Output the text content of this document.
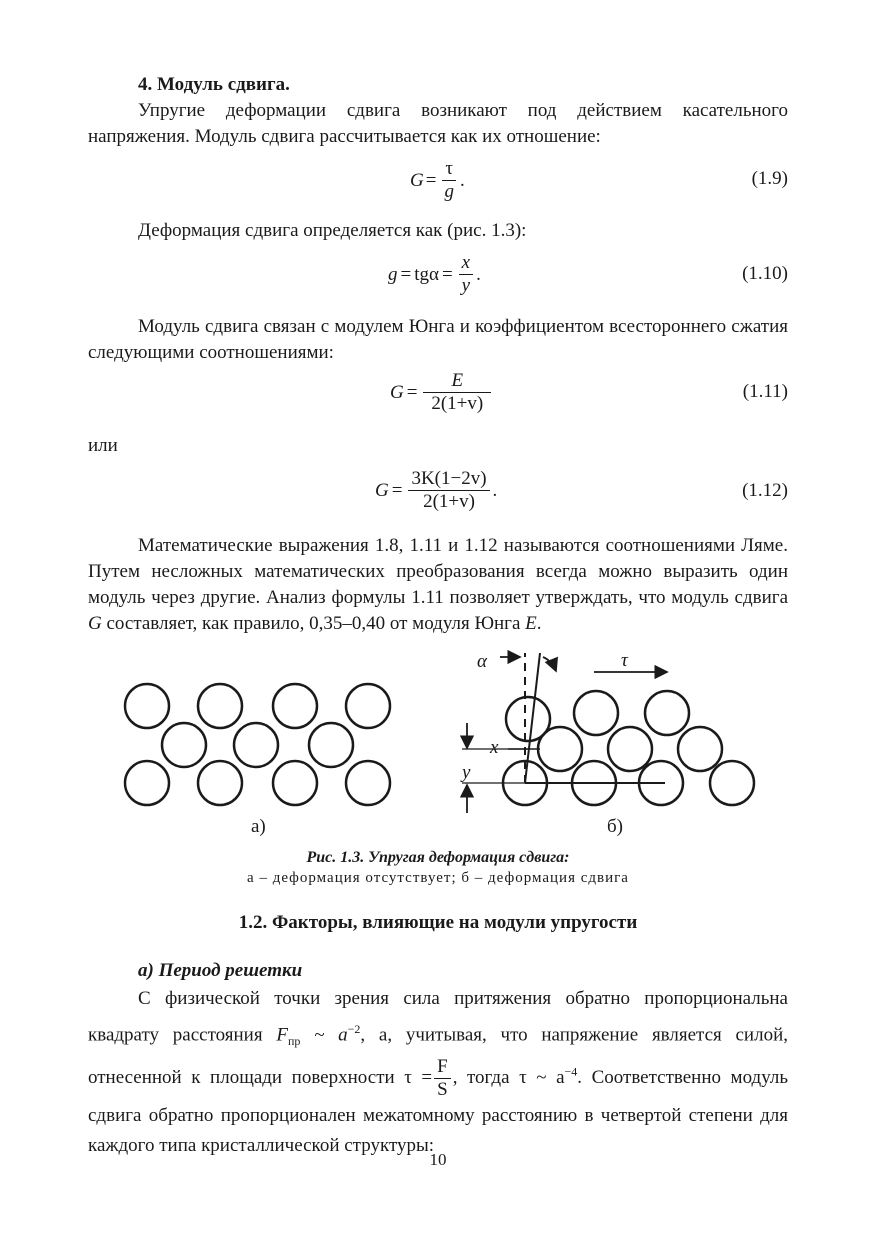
4. Модуль сдвига.

Упругие деформации сдвига возникают под действием касательного напряжения. Модуль сдвига рассчитывается как их отношение:

$G = \frac{\tau}{g}$ .	(1.9)

Деформация сдвига определяется как (рис. 1.3):

$g = tg\alpha = \frac{x}{y}$ .	(1.10)

Модуль сдвига связан с модулем Юнга и коэффициентом всестороннего сжатия следующими соотношениями:

$G = \frac{E}{2(1+v)}$	(1.11)

или

$G = \frac{3K(1-2v)}{2(1+v)}$ .	(1.12)

Математические выражения 1.8, 1.11 и 1.12 называются соотношениями Ляме. Путем несложных математических преобразования всегда можно выразить один модуль через другие. Анализ формулы 1.11 позволяет утверждать, что модуль сдвига G составляет, как правило, 0,35–0,40 от модуля Юнга E.

α	τ
x
y
а)	б)
Рис. 1.3. Упругая деформация сдвига:
а – деформация отсутствует; б – деформация сдвига
1.2. Факторы, влияющие на модули упругости
а) Период решетки

С физической точки зрения сила притяжения обратно пропорциональна квадрату расстояния $F_{пр}$ ~ $a^{-2}$, а, учитывая, что напряжение является силой, отнесенной к площади поверхности $\tau = \frac{F}{S}$ , тогда τ ~ $a^{-4}$. Соответственно модуль сдвига обратно пропорционален межатомному расстоянию в четвертой степени для каждого типа кристаллической структуры:

10
